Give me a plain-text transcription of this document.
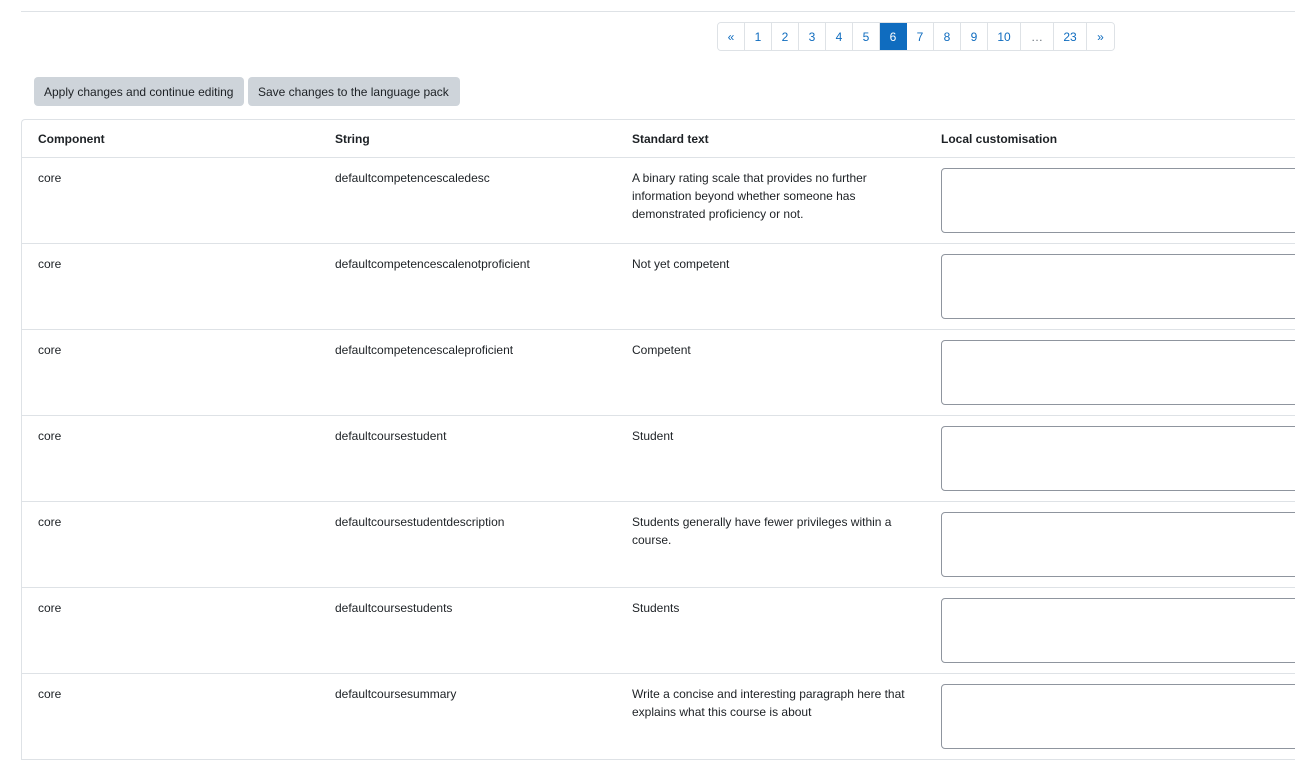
«	1	2	3	4	5	6	7	8	9	10	…	23	»
Apply changes and continue editing	Save changes to the language pack
Component	String	Standard text	Local customisation
core	defaultcompetencescaledesc	A binary rating scale that provides no further information beyond whether someone has demonstrated proficiency or not.
core	defaultcompetencescalenotproficient	Not yet competent
core	defaultcompetencescaleproficient	Competent
core	defaultcoursestudent	Student
core	defaultcoursestudentdescription	Students generally have fewer privileges within a course.
core	defaultcoursestudents	Students
core	defaultcoursesummary	Write a concise and interesting paragraph here that explains what this course is about
